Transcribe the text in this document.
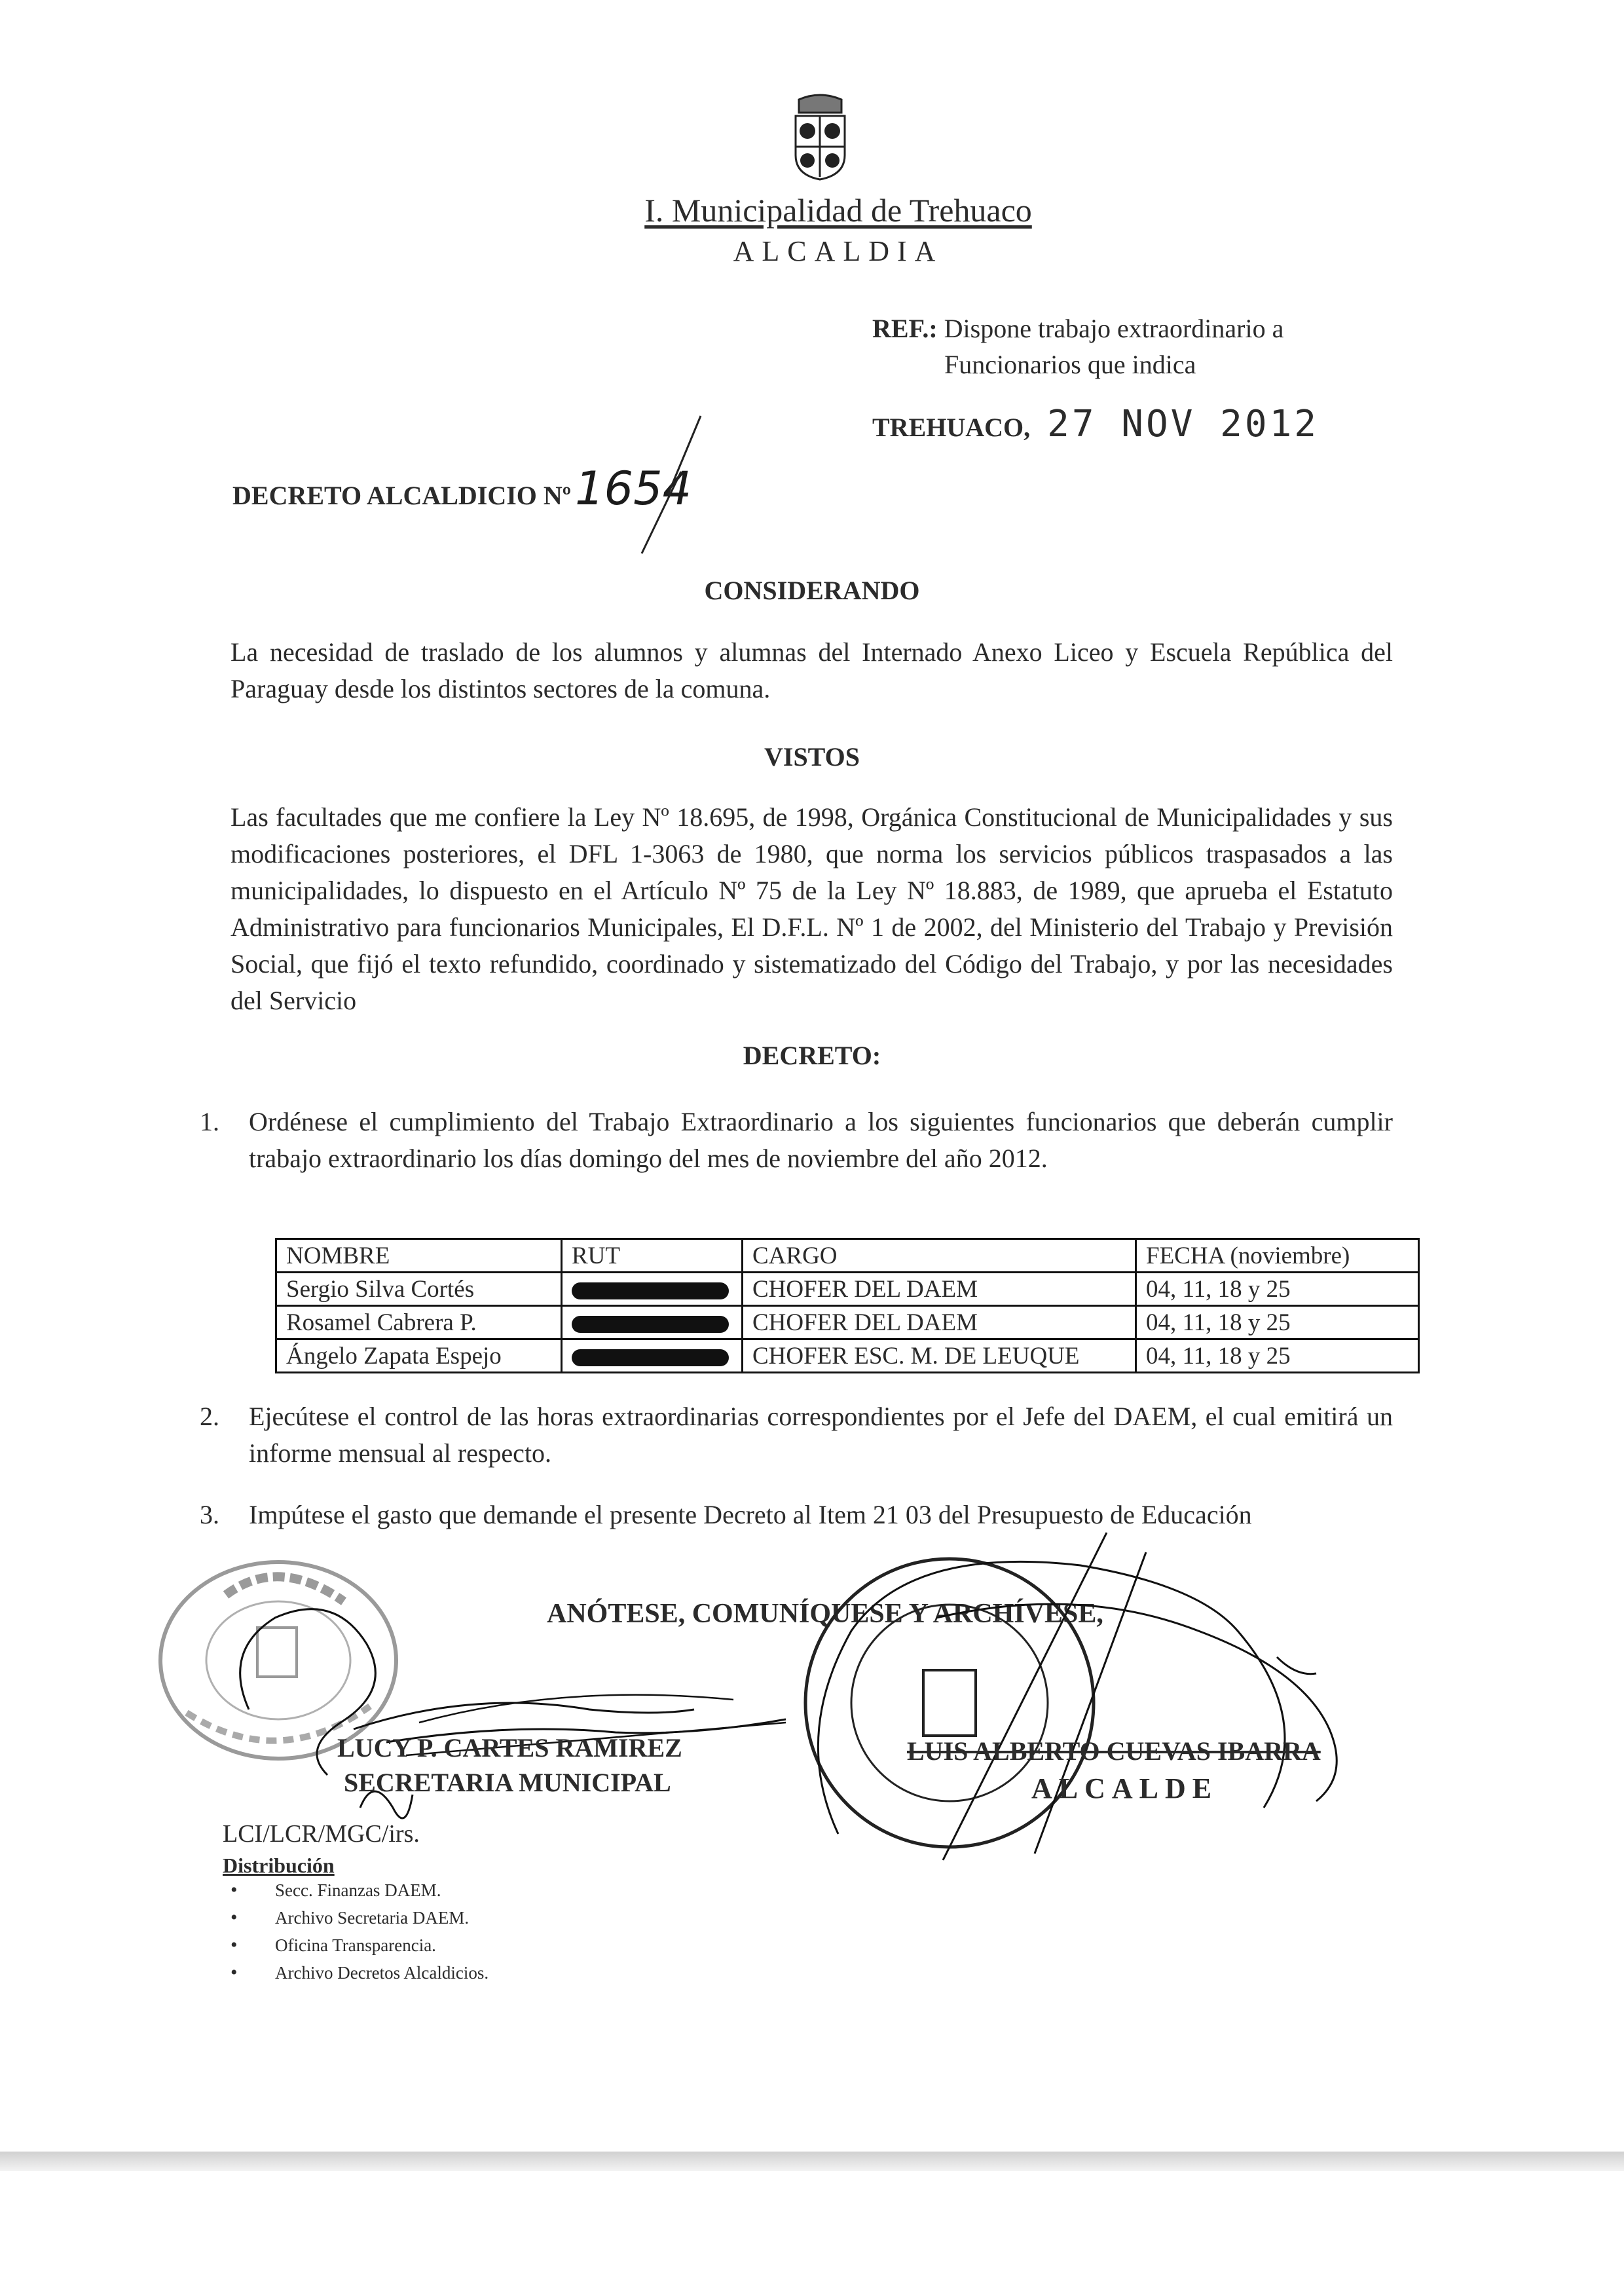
I. Municipalidad de Trehuaco
ALCALDIA
REF.: Dispone trabajo extraordinario a
Funcionarios que indica
TREHUACO, 27 NOV 2012
DECRETO ALCALDICIO Nº1654
CONSIDERANDO
La necesidad de traslado de los alumnos y alumnas del Internado Anexo Liceo y Escuela República del Paraguay desde los distintos sectores de la comuna.
VISTOS
Las facultades que me confiere la Ley Nº 18.695, de 1998, Orgánica Constitucional de Municipalidades y sus modificaciones posteriores, el DFL 1-3063 de 1980, que norma los servicios públicos traspasados a las municipalidades, lo dispuesto en el Artículo Nº 75 de la Ley Nº 18.883, de 1989, que aprueba el Estatuto Administrativo para funcionarios Municipales, El D.F.L. Nº 1 de 2002, del Ministerio del Trabajo y Previsión Social, que fijó el texto refundido, coordinado y sistematizado del Código del Trabajo, y por las necesidades del Servicio
DECRETO:
1. Ordénese el cumplimiento del Trabajo Extraordinario a los siguientes funcionarios que deberán cumplir trabajo extraordinario los días domingo del mes de noviembre del año 2012.
NOMBRE	RUT	CARGO	FECHA (noviembre)
Sergio Silva Cortés		CHOFER DEL DAEM	04, 11, 18 y 25
Rosamel Cabrera P.		CHOFER DEL DAEM	04, 11, 18 y 25
Ángelo Zapata Espejo		CHOFER ESC. M. DE LEUQUE	04, 11, 18 y 25
2. Ejecútese el control de las horas extraordinarias correspondientes por el Jefe del DAEM, el cual emitirá un informe mensual al respecto.
3. Impútese el gasto que demande el presente Decreto al Item 21 03 del Presupuesto de Educación
ANÓTESE, COMUNÍQUESE Y ARCHÍVESE,
LUCY P. CARTES RAMIREZ
SECRETARIA MUNICIPAL
LUIS ALBERTO CUEVAS IBARRA
ALCALDE
LCI/LCR/MGC/irs.
Distribución
• Secc. Finanzas DAEM.
• Archivo Secretaria DAEM.
• Oficina Transparencia.
• Archivo Decretos Alcaldicios.
